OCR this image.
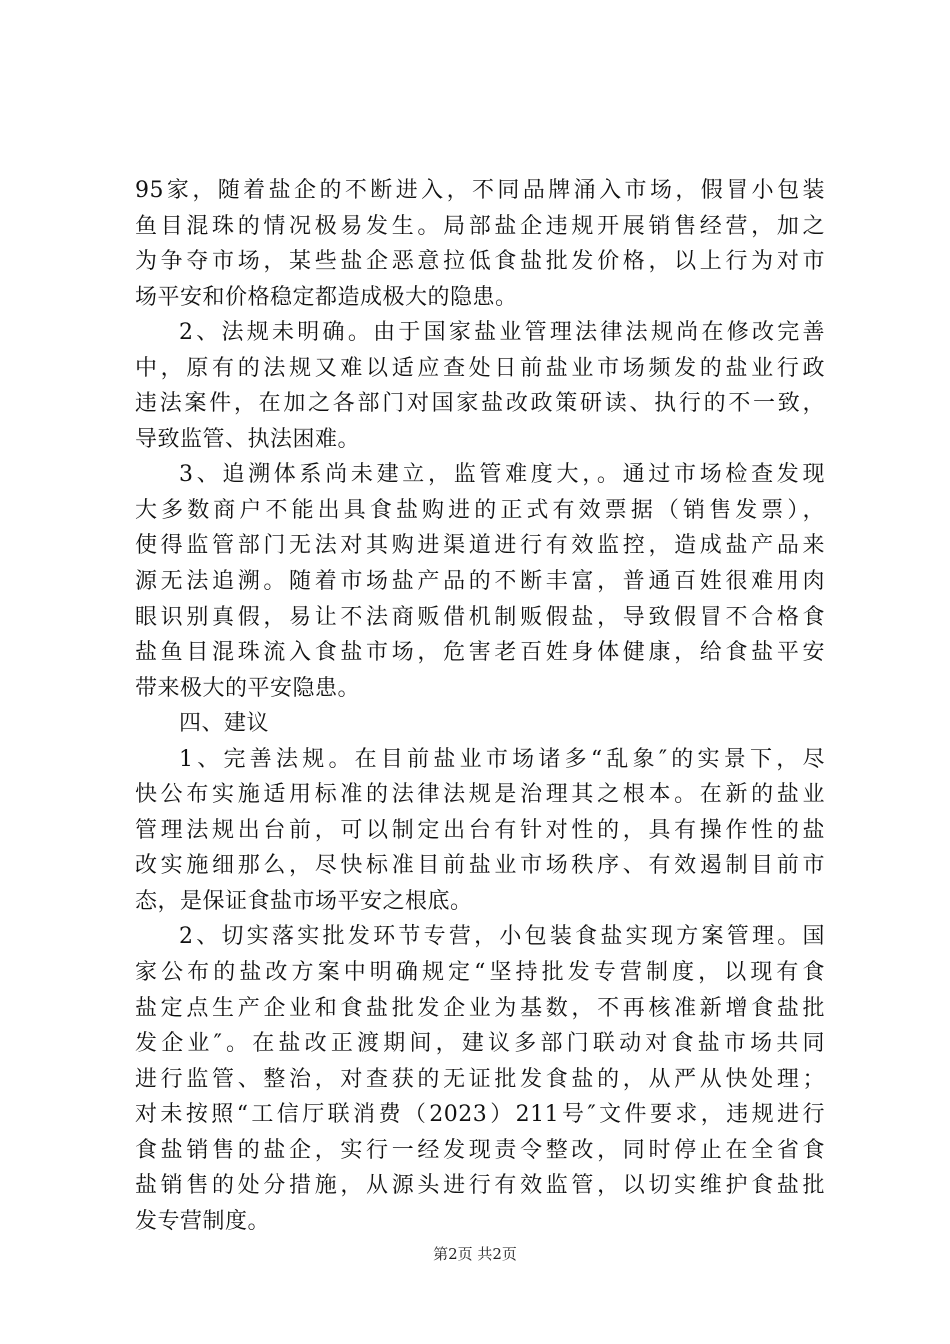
95家，随着盐企的不断进入，不同品牌涌入市场，假冒小包装
鱼目混珠的情况极易发生。局部盐企违规开展销售经营，加之
为争夺市场，某些盐企恶意拉低食盐批发价格，以上行为对市
场平安和价格稳定都造成极大的隐患。
2、法规未明确。由于国家盐业管理法律法规尚在修改完善
中，原有的法规又难以适应查处日前盐业市场频发的盐业行政
违法案件，在加之各部门对国家盐改政策研读、执行的不一致，
导致监管、执法困难。
3、追溯体系尚未建立，监管难度大，。通过市场检查发现
大多数商户不能出具食盐购进的正式有效票据（销售发票），
使得监管部门无法对其购进渠道进行有效监控，造成盐产品来
源无法追溯。随着市场盐产品的不断丰富，普通百姓很难用肉
眼识别真假，易让不法商贩借机制贩假盐，导致假冒不合格食
盐鱼目混珠流入食盐市场，危害老百姓身体健康，给食盐平安
带来极大的平安隐患。
四、建议
1、完善法规。在目前盐业市场诸多“乱象″的实景下，尽
快公布实施适用标准的法律法规是治理其之根本。在新的盐业
管理法规出台前，可以制定出台有针对性的，具有操作性的盐
改实施细那么，尽快标准目前盐业市场秩序、有效遏制目前市
态，是保证食盐市场平安之根底。
2、切实落实批发环节专营，小包装食盐实现方案管理。国
家公布的盐改方案中明确规定“坚持批发专营制度，以现有食
盐定点生产企业和食盐批发企业为基数，不再核准新增食盐批
发企业″。在盐改正渡期间，建议多部门联动对食盐市场共同
进行监管、整治，对查获的无证批发食盐的，从严从快处理；
对未按照“工信厅联消费（2023）211号″文件要求，违规进行
食盐销售的盐企，实行一经发现责令整改，同时停止在全省食
盐销售的处分措施，从源头进行有效监管，以切实维护食盐批
发专营制度。
第2页 共2页
